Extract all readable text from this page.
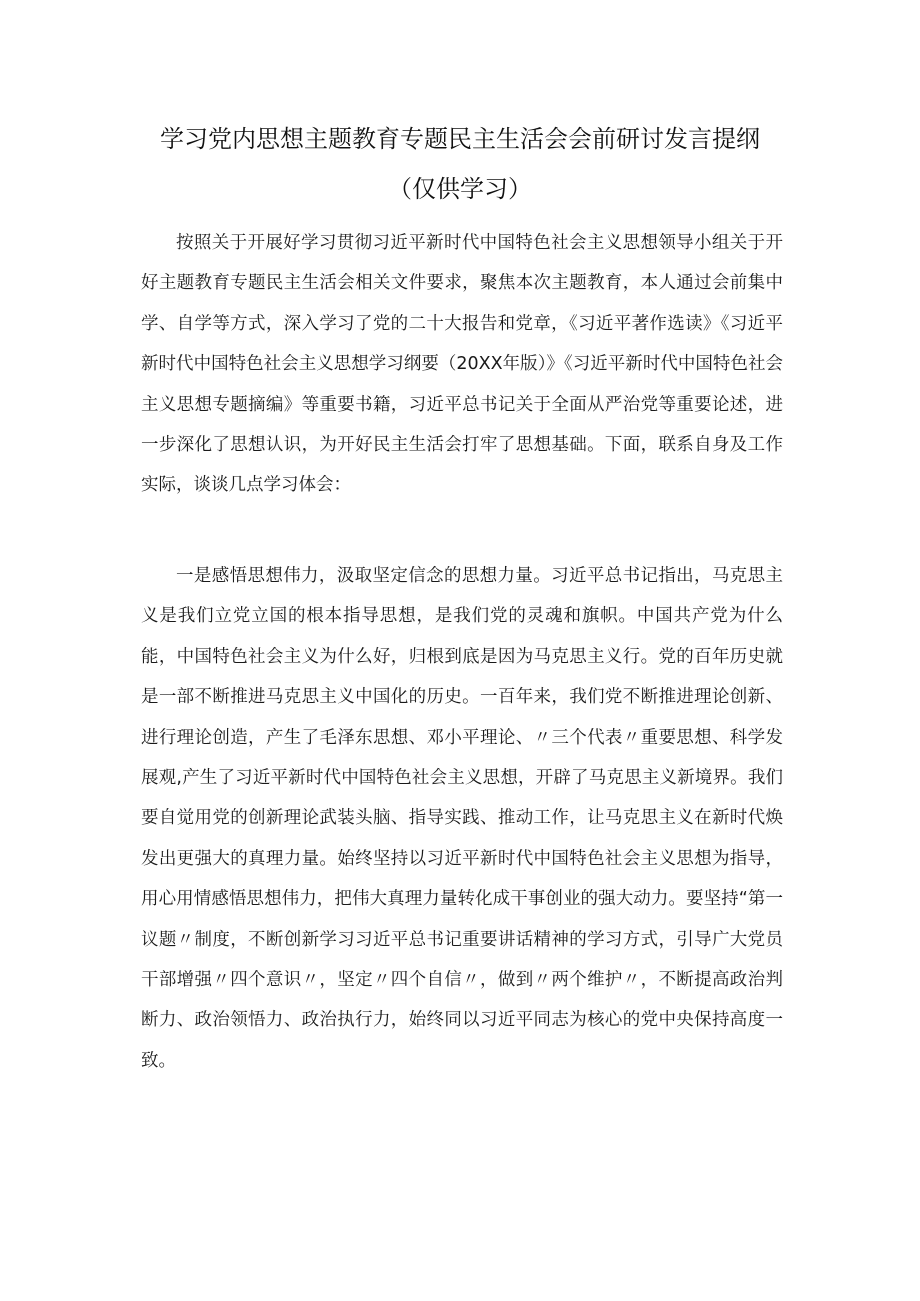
学习党内思想主题教育专题民主生活会会前研讨发言提纲
（仅供学习）

按照关于开展好学习贯彻习近平新时代中国特色社会主义思想领导小组关于开好主题教育专题民主生活会相关文件要求，聚焦本次主题教育，本人通过会前集中学、自学等方式，深入学习了党的二十大报告和党章，《习近平著作选读》《习近平新时代中国特色社会主义思想学习纲要（20XX年版）》《习近平新时代中国特色社会主义思想专题摘编》等重要书籍，习近平总书记关于全面从严治党等重要论述，进一步深化了思想认识，为开好民主生活会打牢了思想基础。下面，联系自身及工作实际，谈谈几点学习体会：

一是感悟思想伟力，汲取坚定信念的思想力量。习近平总书记指出，马克思主义是我们立党立国的根本指导思想，是我们党的灵魂和旗帜。中国共产党为什么能，中国特色社会主义为什么好，归根到底是因为马克思主义行。党的百年历史就是一部不断推进马克思主义中国化的历史。一百年来，我们党不断推进理论创新、进行理论创造，产生了毛泽东思想、邓小平理论、〃三个代表〃重要思想、科学发展观,产生了习近平新时代中国特色社会主义思想，开辟了马克思主义新境界。我们要自觉用党的创新理论武装头脑、指导实践、推动工作，让马克思主义在新时代焕发出更强大的真理力量。始终坚持以习近平新时代中国特色社会主义思想为指导，用心用情感悟思想伟力，把伟大真理力量转化成干事创业的强大动力。要坚持“第一议题〃制度，不断创新学习习近平总书记重要讲话精神的学习方式，引导广大党员干部增强〃四个意识〃，坚定〃四个自信〃，做到〃两个维护〃，不断提高政治判断力、政治领悟力、政治执行力，始终同以习近平同志为核心的党中央保持高度一致。
